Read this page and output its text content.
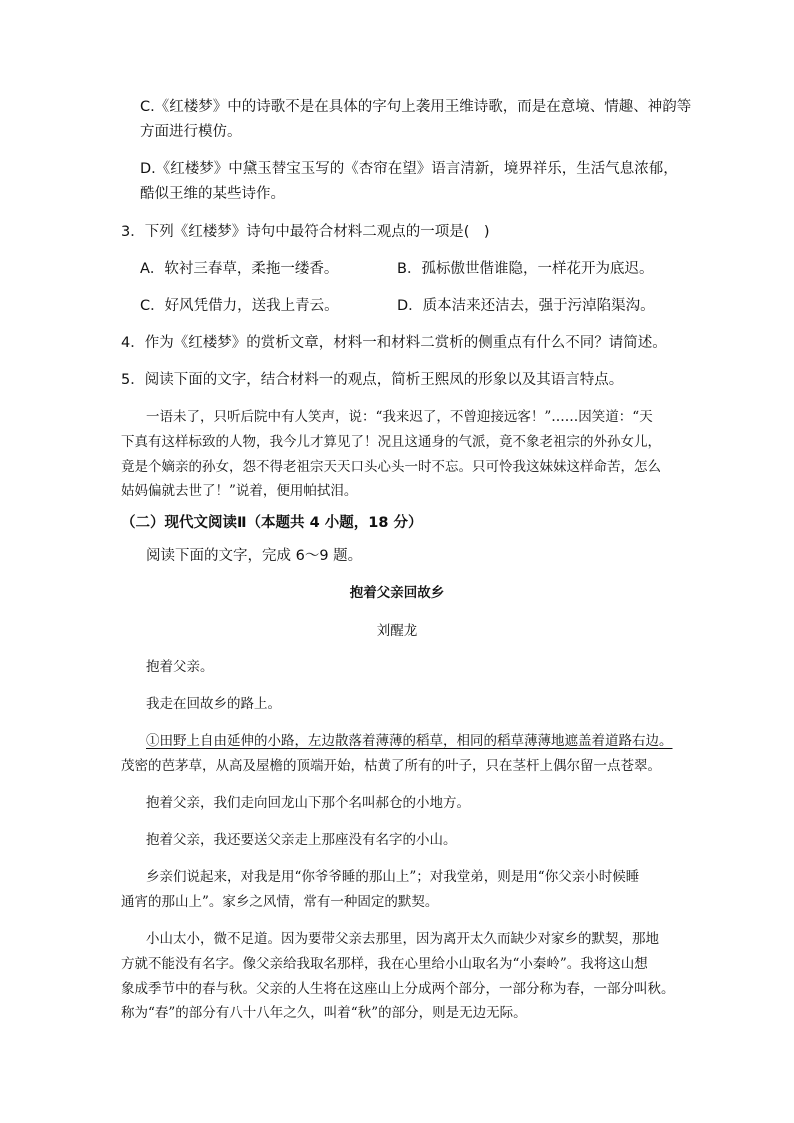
C.《红楼梦》中的诗歌不是在具体的字句上袭用王维诗歌，而是在意境、情趣、神韵等
方面进行模仿。
D.《红楼梦》中黛玉替宝玉写的《杏帘在望》语言清新，境界祥乐，生活气息浓郁，
酷似王维的某些诗作。
3．下列《红楼梦》诗句中最符合材料二观点的一项是(　)
A．软衬三春草，柔拖一缕香。	B．孤标傲世偕谁隐，一样花开为底迟。
C．好风凭借力，送我上青云。	D．质本洁来还洁去，强于污淖陷渠沟。
4．作为《红楼梦》的赏析文章，材料一和材料二赏析的侧重点有什么不同？请简述。
5．阅读下面的文字，结合材料一的观点，简析王熙凤的形象以及其语言特点。
一语未了，只听后院中有人笑声，说：“我来迟了，不曾迎接远客！”……因笑道：“天
下真有这样标致的人物，我今儿才算见了！况且这通身的气派，竟不象老祖宗的外孙女儿，
竟是个嫡亲的孙女，怨不得老祖宗天天口头心头一时不忘。只可怜我这妹妹这样命苦，怎么
姑妈偏就去世了！”说着，便用帕拭泪。
（二）现代文阅读Ⅱ（本题共 4 小题，18 分）
阅读下面的文字，完成 6～9 题。
抱着父亲回故乡
刘醒龙
抱着父亲。
我走在回故乡的路上。
①田野上自由延伸的小路，左边散落着薄薄的稻草，相同的稻草薄薄地遮盖着道路右边。
茂密的芭茅草，从高及屋檐的顶端开始，枯黄了所有的叶子，只在茎杆上偶尔留一点苍翠。
抱着父亲，我们走向回龙山下那个名叫郝仓的小地方。
抱着父亲，我还要送父亲走上那座没有名字的小山。
乡亲们说起来，对我是用“你爷爷睡的那山上”；对我堂弟，则是用“你父亲小时候睡
通宵的那山上”。家乡之风情，常有一种固定的默契。
小山太小，微不足道。因为要带父亲去那里，因为离开太久而缺少对家乡的默契，那地
方就不能没有名字。像父亲给我取名那样，我在心里给小山取名为“小秦岭”。我将这山想
象成季节中的春与秋。父亲的人生将在这座山上分成两个部分，一部分称为春，一部分叫秋。
称为“春”的部分有八十八年之久，叫着“秋”的部分，则是无边无际。
